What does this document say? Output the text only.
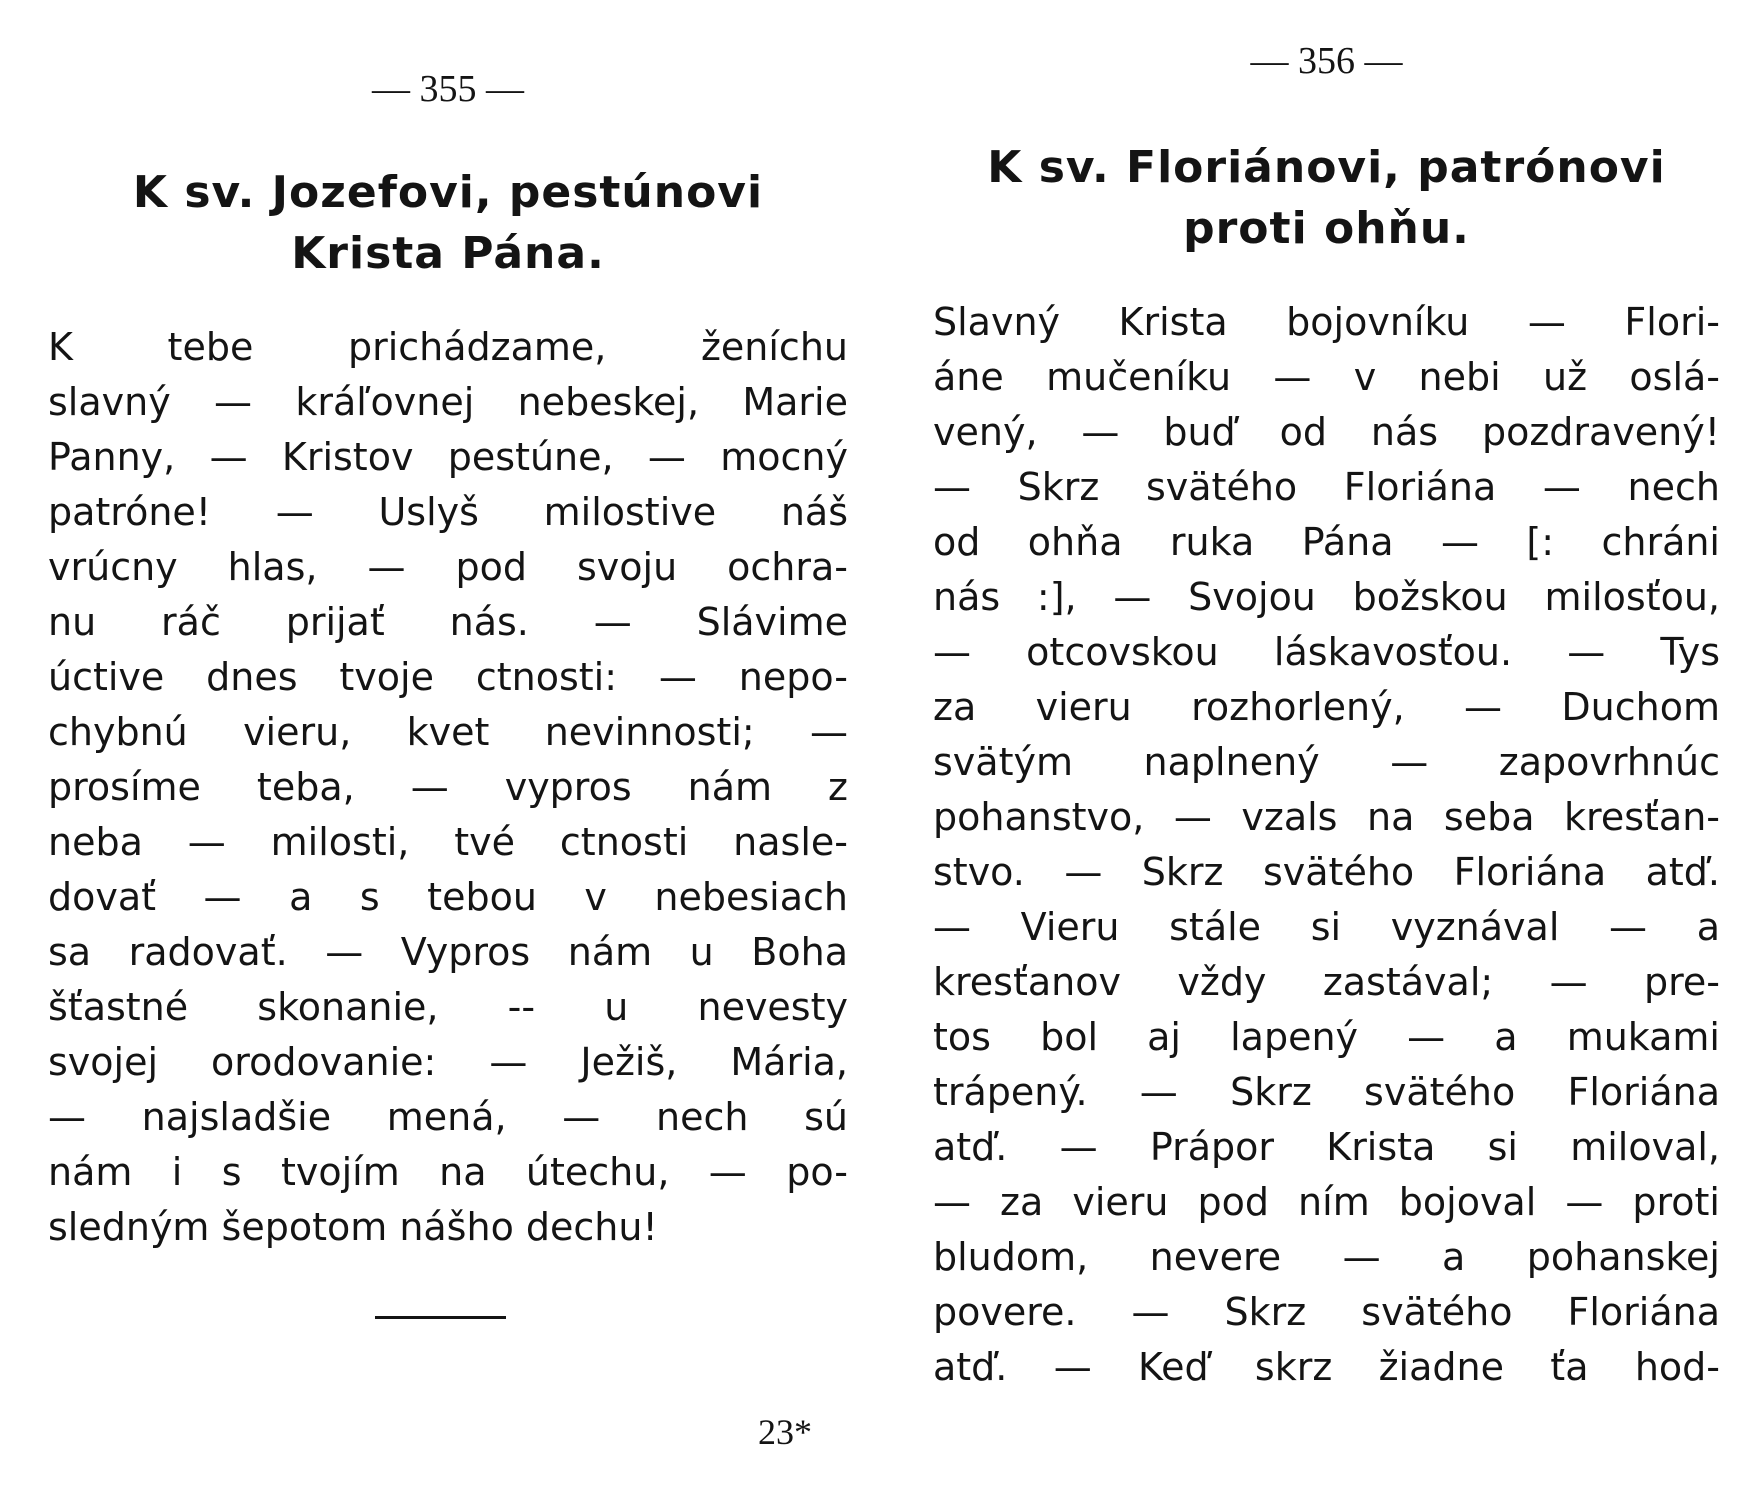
— 355 —
K sv. Jozefovi, pestúnovi
Krista Pána.
K tebe prichádzame, ženíchu
slavný — kráľovnej nebeskej, Marie
Panny, — Kristov pestúne, — mocný
patróne! — Uslyš milostive náš
vrúcny hlas, — pod svoju ochra-
nu ráč prijať nás. — Slávime
úctive dnes tvoje ctnosti: — nepo-
chybnú vieru, kvet nevinnosti; —
prosíme teba, — vypros nám z
neba — milosti, tvé ctnosti nasle-
dovať — a s tebou v nebesiach
sa radovať. — Vypros nám u Boha
šťastné skonanie, -- u nevesty
svojej orodovanie: — Ježiš, Mária,
— najsladšie mená, — nech sú
nám i s tvojím na útechu, — po-
sledným šepotom nášho dechu!
23*
— 356 —
K sv. Floriánovi, patrónovi
proti ohňu.
Slavný Krista bojovníku — Flori-
áne mučeníku — v nebi už oslá-
vený, — buď od nás pozdravený!
— Skrz svätého Floriána — nech
od ohňa ruka Pána — [: chráni
nás :], — Svojou božskou milosťou,
— otcovskou láskavosťou. — Tys
za vieru rozhorlený, — Duchom
svätým naplnený — zapovrhnúc
pohanstvo, — vzals na seba kresťan-
stvo. — Skrz svätého Floriána atď.
— Vieru stále si vyznával — a
kresťanov vždy zastával; — pre-
tos bol aj lapený — a mukami
trápený. — Skrz svätého Floriána
atď. — Prápor Krista si miloval,
— za vieru pod ním bojoval — proti
bludom, nevere — a pohanskej
povere. — Skrz svätého Floriána
atď. — Keď skrz žiadne ťa hod-
